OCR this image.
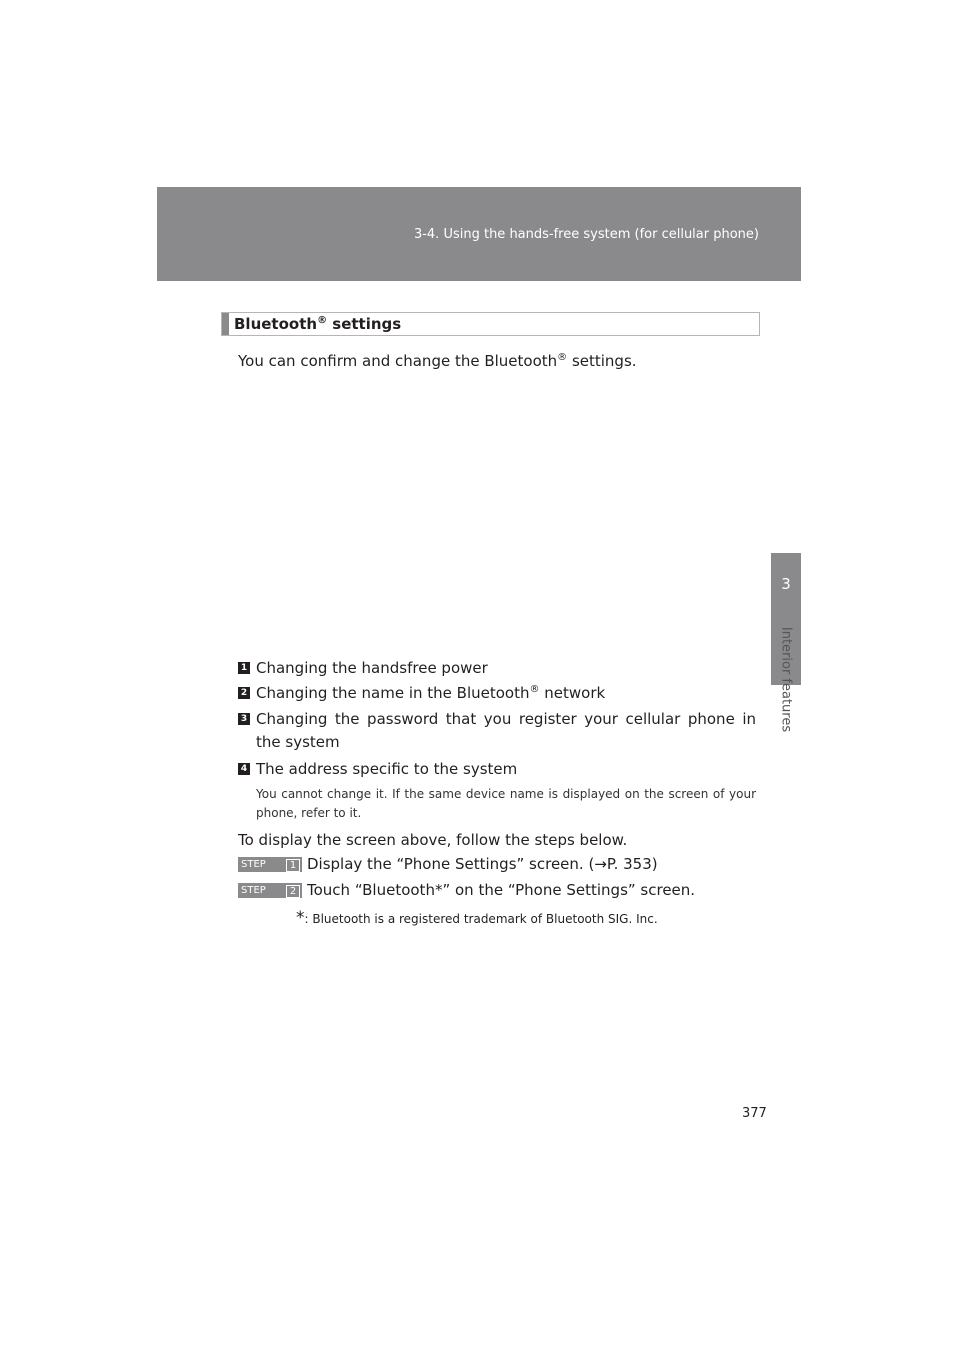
3-4. Using the hands-free system (for cellular phone)
3
Interior features
Bluetooth® settings
You can confirm and change the Bluetooth® settings.
1 Changing the handsfree power
2 Changing the name in the Bluetooth® network
3 Changing the password that you register your cellular phone in the system
4 The address specific to the system
You cannot change it. If the same device name is displayed on the screen of your phone, refer to it.
To display the screen above, follow the steps below.
STEP	1 Display the “Phone Settings” screen. (→P. 353)
STEP	2 Touch “Bluetooth*” on the “Phone Settings” screen.
*: Bluetooth is a registered trademark of Bluetooth SIG. Inc.
377
